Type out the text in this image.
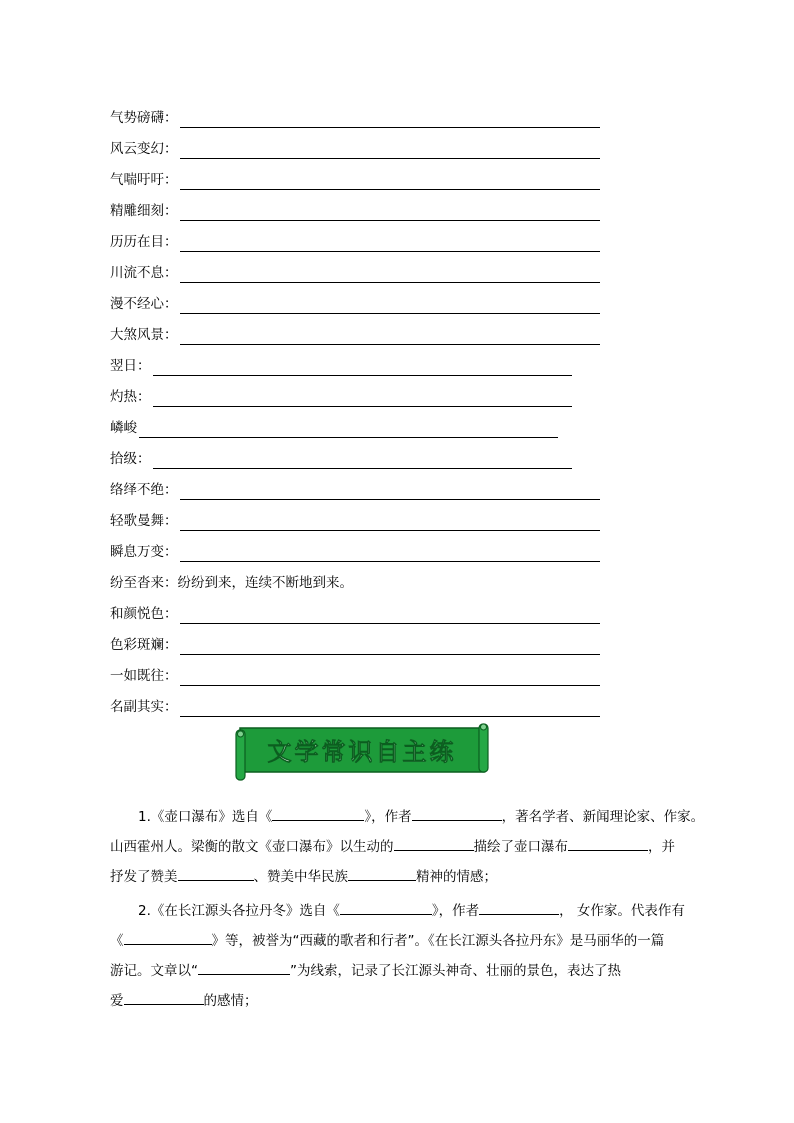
气势磅礴：
风云变幻：
气喘吁吁：
精雕细刻：
历历在目：
川流不息：
漫不经心：
大煞风景：
翌日：
灼热：
嶙峻
拾级：
络绎不绝：
轻歌曼舞：
瞬息万变：
纷至沓来： 纷纷到来，连续不断地到来。
和颜悦色：
色彩斑斓：
一如既往：
名副其实：
文学常识自主练
1.《壶口瀑布》选自《	》，作者	，著名学者、新闻理论家、作家。
山西霍州人。梁衡的散文《壶口瀑布》以生动的	描绘了壶口瀑布	，并
抒发了赞美	、赞美中华民族	精神的情感；
2.《在长江源头各拉丹冬》选自《	》，作者	， 女作家。代表作有
《	》等，被誉为“西藏的歌者和行者”。《在长江源头各拉丹东》是马丽华的一篇
游记。文章以“	”为线索，记录了长江源头神奇、壮丽的景色，表达了热
爱	的感情；
